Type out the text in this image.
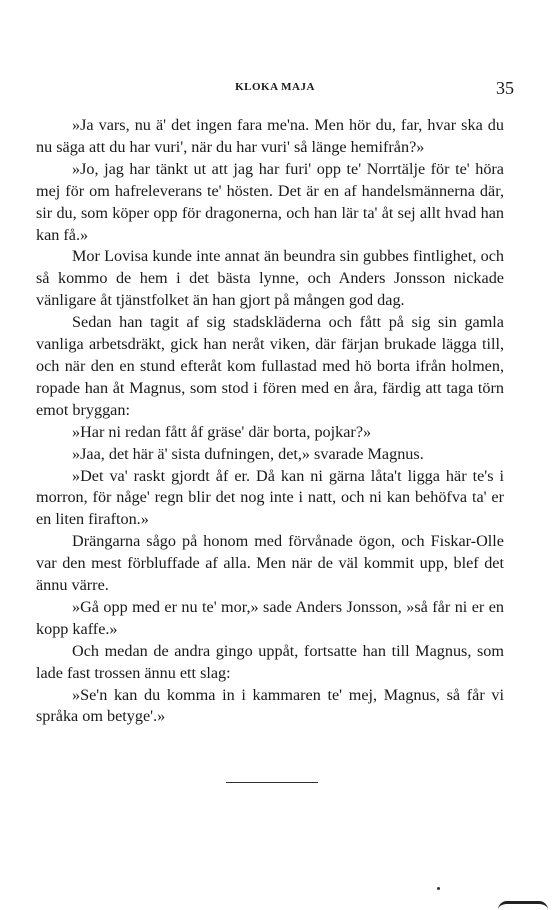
KLOKA MAJA	35

»Ja vars, nu ä' det ingen fara me'na. Men hör du, far, hvar ska du nu säga att du har vuri', när du har vuri' så länge hemifrån?»

»Jo, jag har tänkt ut att jag har furi' opp te' Norrtälje för te' höra mej för om hafreleverans te' hösten. Det är en af handelsmännerna där, sir du, som köper opp för dragonerna, och han lär ta' åt sej allt hvad han kan få.»

Mor Lovisa kunde inte annat än beundra sin gubbes fintlighet, och så kommo de hem i det bästa lynne, och Anders Jonsson nickade vänligare åt tjänstfolket än han gjort på mången god dag.

Sedan han tagit af sig stadskläderna och fått på sig sin gamla vanliga arbetsdräkt, gick han neråt viken, där färjan brukade lägga till, och när den en stund efteråt kom fullastad med hö borta ifrån holmen, ropade han åt Magnus, som stod i fören med en åra, färdig att taga törn emot bryggan:

»Har ni redan fått åf gräse' där borta, pojkar?»

»Jaa, det här ä' sista dufningen, det,» svarade Magnus.

»Det va' raskt gjordt åf er. Då kan ni gärna låta't ligga här te's i morron, för någe' regn blir det nog inte i natt, och ni kan behöfva ta' er en liten firafton.»

Drängarna sågo på honom med förvånade ögon, och Fiskar-Olle var den mest förbluffade af alla. Men när de väl kommit upp, blef det ännu värre.

»Gå opp med er nu te' mor,» sade Anders Jonsson, »så får ni er en kopp kaffe.»

Och medan de andra gingo uppåt, fortsatte han till Magnus, som lade fast trossen ännu ett slag:

»Se'n kan du komma in i kammaren te' mej, Magnus, så får vi språka om betyge'.»
